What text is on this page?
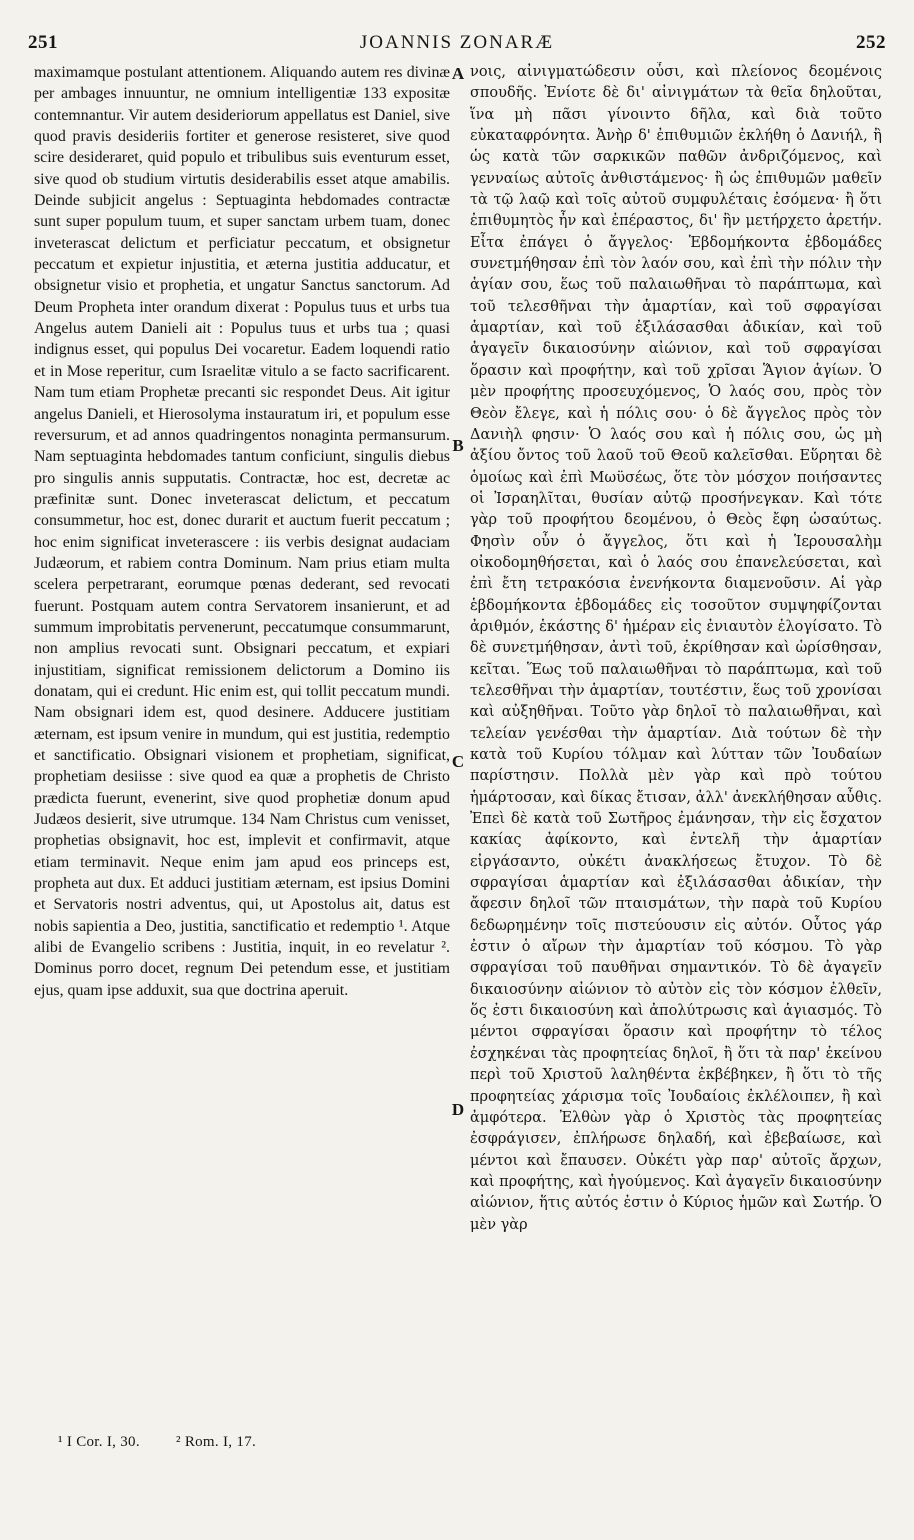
251	JOANNIS ZONARÆ	252
maximamque postulant attentionem. Aliquando autem res divinæ per ambages innuuntur, ne omnium intelligentiæ 133 expositæ contemnantur. Vir autem desideriorum appellatus est Daniel, sive quod pravis desideriis fortiter et generose resisteret, sive quod scire desideraret, quid populo et tribulibus suis eventurum esset, sive quod ob studium virtutis desiderabilis esset atque amabilis. Deinde subjicit angelus : Septuaginta hebdomades contractæ sunt super populum tuum, et super sanctam urbem tuam, donec inveterascat delictum et perficiatur peccatum, et obsignetur peccatum et expietur injustitia, et æterna justitia adducatur, et obsignetur visio et prophetia, et ungatur Sanctus sanctorum. Ad Deum Propheta inter orandum dixerat : Populus tuus et urbs tua Angelus autem Danieli ait : Populus tuus et urbs tua ; quasi indignus esset, qui populus Dei vocaretur. Eadem loquendi ratio et in Mose reperitur, cum Israelitæ vitulo a se facto sacrificarent. Nam tum etiam Prophetæ precanti sic respondet Deus. Ait igitur angelus Danieli, et Hierosolyma instauratum iri, et populum esse reversurum, et ad annos quadringentos nonaginta permansurum. Nam septuaginta hebdomades tantum conficiunt, singulis diebus pro singulis annis supputatis. Contractæ, hoc est, decretæ ac præfinitæ sunt. Donec inveterascat delictum, et peccatum consummetur, hoc est, donec durarit et auctum fuerit peccatum ; hoc enim significat inveterascere : iis verbis designat audaciam Judæorum, et rabiem contra Dominum. Nam prius etiam multa scelera perpetrarant, eorumque pœnas dederant, sed revocati fuerunt. Postquam autem contra Servatorem insanierunt, et ad summum improbitatis pervenerunt, peccatumque consummarunt, non amplius revocati sunt. Obsignari peccatum, et expiari injustitiam, significat remissionem delictorum a Domino iis donatam, qui ei credunt. Hic enim est, qui tollit peccatum mundi. Nam obsignari idem est, quod desinere. Adducere justitiam æternam, est ipsum venire in mundum, qui est justitia, redemptio et sanctificatio. Obsignari visionem et prophetiam, significat, prophetiam desiisse : sive quod ea quæ a prophetis de Christo prædicta fuerunt, evenerint, sive quod prophetiæ donum apud Judæos desierit, sive utrumque. 134 Nam Christus cum venisset, prophetias obsignavit, hoc est, implevit et confirmavit, atque etiam terminavit. Neque enim jam apud eos princeps est, propheta aut dux. Et adduci justitiam æternam, est ipsius Domini et Servatoris nostri adventus, qui, ut Apostolus ait, datus est nobis sapientia a Deo, justitia, sanctificatio et redemptio ¹. Atque alibi de Evangelio scribens : Justitia, inquit, in eo revelatur ². Dominus porro docet, regnum Dei petendum esse, et justitiam ejus, quam ipse adduxit, sua que doctrina aperuit.
A
B
C
D
νοις, αἰνιγματώδεσιν οὖσι, καὶ πλείονος δεομένοις σπουδῆς. Ἐνίοτε δὲ δι' αἰνιγμάτων τὰ θεῖα δηλοῦται, ἵνα μὴ πᾶσι γίνοιντο δῆλα, καὶ διὰ τοῦτο εὐκαταφρόνητα. Ἀνὴρ δ' ἐπιθυμιῶν ἐκλήθη ὁ Δανιήλ, ἢ ὡς κατὰ τῶν σαρκικῶν παθῶν ἀνδριζόμενος, καὶ γενναίως αὐτοῖς ἀνθιστάμενος· ἢ ὡς ἐπιθυμῶν μαθεῖν τὰ τῷ λαῷ καὶ τοῖς αὐτοῦ συμφυλέταις ἐσόμενα· ἢ ὅτι ἐπιθυμητὸς ἦν καὶ ἐπέραστος, δι' ἣν μετήρχετο ἀρετήν. Εἶτα ἐπάγει ὁ ἄγγελος· Ἑβδομήκοντα ἑβδομάδες συνετμήθησαν ἐπὶ τὸν λαόν σου, καὶ ἐπὶ τὴν πόλιν τὴν ἁγίαν σου, ἕως τοῦ παλαιωθῆναι τὸ παράπτωμα, καὶ τοῦ τελεσθῆναι τὴν ἁμαρτίαν, καὶ τοῦ σφραγίσαι ἁμαρτίαν, καὶ τοῦ ἐξιλάσασθαι ἀδικίαν, καὶ τοῦ ἀγαγεῖν δικαιοσύνην αἰώνιον, καὶ τοῦ σφραγίσαι ὅρασιν καὶ προφήτην, καὶ τοῦ χρῖσαι Ἅγιον ἁγίων. Ὁ μὲν προφήτης προσευχόμενος, Ὁ λαός σου, πρὸς τὸν Θεὸν ἔλεγε, καὶ ἡ πόλις σου· ὁ δὲ ἄγγελος πρὸς τὸν Δανιὴλ φησιν· Ὁ λαός σου καὶ ἡ πόλις σου, ὡς μὴ ἀξίου ὄντος τοῦ λαοῦ τοῦ Θεοῦ καλεῖσθαι. Εὕρηται δὲ ὁμοίως καὶ ἐπὶ Μωϋσέως, ὅτε τὸν μόσχον ποιήσαντες οἱ Ἰσραηλῖται, θυσίαν αὐτῷ προσήνεγκαν. Καὶ τότε γὰρ τοῦ προφήτου δεομένου, ὁ Θεὸς ἔφη ὡσαύτως. Φησὶν οὖν ὁ ἄγγελος, ὅτι καὶ ἡ Ἱερουσαλὴμ οἰκοδομηθήσεται, καὶ ὁ λαός σου ἐπανελεύσεται, καὶ ἐπὶ ἔτη τετρακόσια ἐνενήκοντα διαμενοῦσιν. Αἱ γὰρ ἑβδομήκοντα ἑβδομάδες εἰς τοσοῦτον συμψηφίζονται ἀριθμόν, ἑκάστης δ' ἡμέραν εἰς ἐνιαυτὸν ἐλογίσατο. Τὸ δὲ συνετμήθησαν, ἀντὶ τοῦ, ἐκρίθησαν καὶ ὡρίσθησαν, κεῖται. Ἕως τοῦ παλαιωθῆναι τὸ παράπτωμα, καὶ τοῦ τελεσθῆναι τὴν ἁμαρτίαν, τουτέστιν, ἕως τοῦ χρονίσαι καὶ αὐξηθῆναι. Τοῦτο γὰρ δηλοῖ τὸ παλαιωθῆναι, καὶ τελείαν γενέσθαι τὴν ἁμαρτίαν. Διὰ τούτων δὲ τὴν κατὰ τοῦ Κυρίου τόλμαν καὶ λύτταν τῶν Ἰουδαίων παρίστησιν. Πολλὰ μὲν γὰρ καὶ πρὸ τούτου ἡμάρτοσαν, καὶ δίκας ἔτισαν, ἀλλ' ἀνεκλήθησαν αὖθις. Ἐπεὶ δὲ κατὰ τοῦ Σωτῆρος ἐμάνησαν, τὴν εἰς ἔσχατον κακίας ἀφίκοντο, καὶ ἐντελῆ τὴν ἁμαρτίαν εἰργάσαντο, οὐκέτι ἀνακλήσεως ἔτυχον. Τὸ δὲ σφραγίσαι ἁμαρτίαν καὶ ἐξιλάσασθαι ἀδικίαν, τὴν ἄφεσιν δηλοῖ τῶν πταισμάτων, τὴν παρὰ τοῦ Κυρίου δεδωρημένην τοῖς πιστεύουσιν εἰς αὐτόν. Οὗτος γάρ ἐστιν ὁ αἴρων τὴν ἁμαρτίαν τοῦ κόσμου. Τὸ γὰρ σφραγίσαι τοῦ παυθῆναι σημαντικόν. Τὸ δὲ ἀγαγεῖν δικαιοσύνην αἰώνιον τὸ αὐτὸν εἰς τὸν κόσμον ἐλθεῖν, ὅς ἐστι δικαιοσύνη καὶ ἀπολύτρωσις καὶ ἁγιασμός. Τὸ μέντοι σφραγίσαι ὅρασιν καὶ προφήτην τὸ τέλος ἐσχηκέναι τὰς προφητείας δηλοῖ, ἢ ὅτι τὰ παρ' ἐκείνου περὶ τοῦ Χριστοῦ λαληθέντα ἐκβέβηκεν, ἢ ὅτι τὸ τῆς προφητείας χάρισμα τοῖς Ἰουδαίοις ἐκλέλοιπεν, ἢ καὶ ἀμφότερα. Ἐλθὼν γὰρ ὁ Χριστὸς τὰς προφητείας ἐσφράγισεν, ἐπλήρωσε δηλαδή, καὶ ἐβεβαίωσε, καὶ μέντοι καὶ ἔπαυσεν. Οὐκέτι γὰρ παρ' αὐτοῖς ἄρχων, καὶ προφήτης, καὶ ἡγούμενος. Καὶ ἀγαγεῖν δικαιοσύνην αἰώνιον, ἥτις αὐτός ἐστιν ὁ Κύριος ἡμῶν καὶ Σωτήρ. Ὁ μὲν γὰρ
¹ I Cor. I, 30. ² Rom. I, 17.
